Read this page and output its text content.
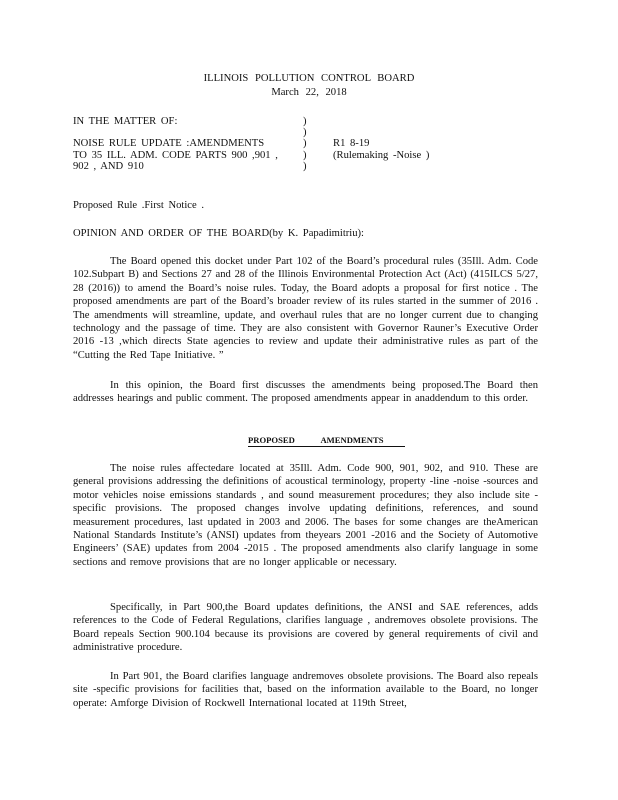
ILLINOIS POLLUTION CONTROL BOARD
March 22, 2018
IN THE MATTER OF:	)
)
NOISE RULE UPDATE :AMENDMENTS	)	R1 8-19
TO 35 ILL. ADM. CODE PARTS 900 ,901 ,	)	(Rulemaking -Noise )
902 , AND 910	)
Proposed Rule .First Notice .
OPINION AND ORDER OF THE BOARD(by K. Papadimitriu):

The Board opened this docket under Part 102 of the Board’s procedural rules (35Ill. Adm. Code 102.Subpart B) and Sections 27 and 28 of the Illinois Environmental Protection Act (Act) (415ILCS 5/27, 28 (2016)) to amend the Board’s noise rules. Today, the Board adopts a proposal for first notice . The proposed amendments are part of the Board’s broader review of its rules started in the summer of 2016 . The amendments will streamline, update, and overhaul rules that are no longer current due to changing technology and the passage of time. They are also consistent with Governor Rauner’s Executive Order 2016 -13 ,which directs State agencies to review and update their administrative rules as part of the “Cutting the Red Tape Initiative. ”

In this opinion, the Board first discusses the amendments being proposed.The Board then addresses hearings and public comment. The proposed amendments appear in anaddendum to this order.

PROPOSED AMENDMENTS

The noise rules affectedare located at 35Ill. Adm. Code 900, 901, 902, and 910. These are general provisions addressing the definitions of acoustical terminology, property -line -noise -sources and motor vehicles noise emissions standards , and sound measurement procedures; they also include site -specific provisions. The proposed changes involve updating definitions, references, and sound measurement procedures, last updated in 2003 and 2006. The bases for some changes are theAmerican National Standards Institute’s (ANSI) updates from theyears 2001 -2016 and the Society of Automotive Engineers’ (SAE) updates from 2004 -2015 . The proposed amendments also clarify language in some sections and remove provisions that are no longer applicable or necessary.

Specifically, in Part 900,the Board updates definitions, the ANSI and SAE references, adds references to the Code of Federal Regulations, clarifies language , andremoves obsolete provisions. The Board repeals Section 900.104 because its provisions are covered by general requirements of civil and administrative procedure.

In Part 901, the Board clarifies language andremoves obsolete provisions. The Board also repeals site -specific provisions for facilities that, based on the information available to the Board, no longer operate: Amforge Division of Rockwell International located at 119th Street,
